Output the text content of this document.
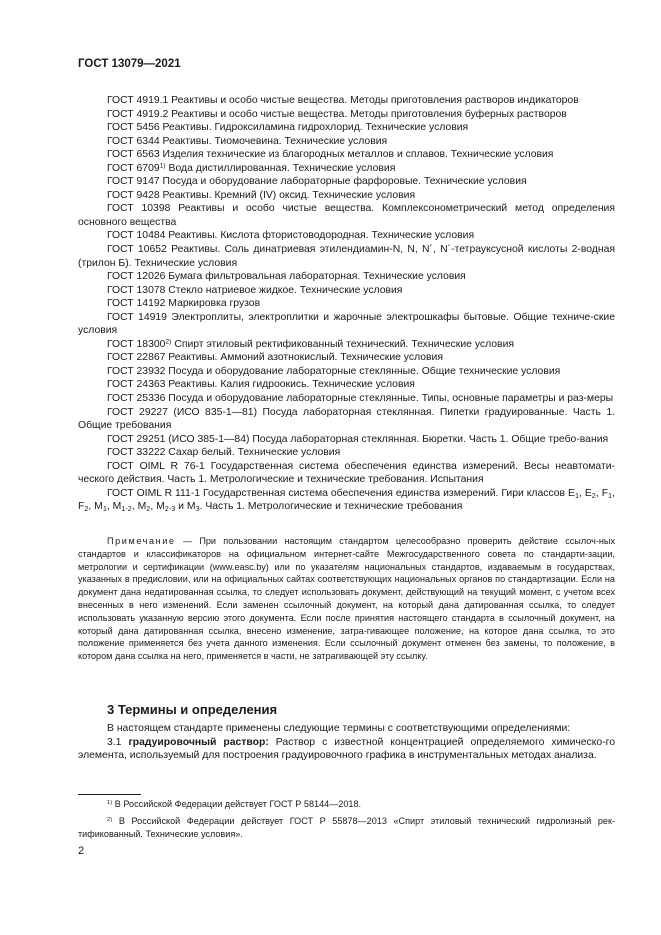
ГОСТ 13079—2021

ГОСТ 4919.1 Реактивы и особо чистые вещества. Методы приготовления растворов индикаторов

ГОСТ 4919.2 Реактивы и особо чистые вещества. Методы приготовления буферных растворов

ГОСТ 5456 Реактивы. Гидроксиламина гидрохлорид. Технические условия

ГОСТ 6344 Реактивы. Тиомочевина. Технические условия

ГОСТ 6563 Изделия технические из благородных металлов и сплавов. Технические условия

ГОСТ 6709$^{1)}$ Вода дистиллированная. Технические условия

ГОСТ 9147 Посуда и оборудование лабораторные фарфоровые. Технические условия

ГОСТ 9428 Реактивы. Кремний (IV) оксид. Технические условия

ГОСТ 10398 Реактивы и особо чистые вещества. Комплексонометрический метод определения основного вещества

ГОСТ 10484 Реактивы. Кислота фтористоводородная. Технические условия

ГОСТ 10652 Реактивы. Соль динатриевая этилендиамин-N, N, N´, N´-тетрауксусной кислоты 2-водная (трилон Б). Технические условия

ГОСТ 12026 Бумага фильтровальная лабораторная. Технические условия

ГОСТ 13078 Стекло натриевое жидкое. Технические условия

ГОСТ 14192 Маркировка грузов

ГОСТ 14919 Электроплиты, электроплитки и жарочные электрошкафы бытовые. Общие техниче-ские условия

ГОСТ 18300$^{2)}$ Спирт этиловый ректификованный технический. Технические условия

ГОСТ 22867 Реактивы. Аммоний азотнокислый. Технические условия

ГОСТ 23932 Посуда и оборудование лабораторные стеклянные. Общие технические условия

ГОСТ 24363 Реактивы. Калия гидроокись. Технические условия

ГОСТ 25336 Посуда и оборудование лабораторные стеклянные. Типы, основные параметры и раз-меры

ГОСТ 29227 (ИСО 835-1—81) Посуда лабораторная стеклянная. Пипетки градуированные. Часть 1. Общие требования

ГОСТ 29251 (ИСО 385-1—84) Посуда лабораторная стеклянная. Бюретки. Часть 1. Общие требо-вания

ГОСТ 33222 Сахар белый. Технические условия

ГОСТ OIML R 76-1 Государственная система обеспечения единства измерений. Весы неавтомати-ческого действия. Часть 1. Метрологические и технические требования. Испытания

ГОСТ OIML R 111-1 Государственная система обеспечения единства измерений. Гири классов $E_1$, $E_2$, $F_1$, $F_2$, $M_1$, $M_{1-2}$, $M_2$, $M_{2-3}$ и $M_3$. Часть 1. Метрологические и технические требования

Примечание — При пользовании настоящим стандартом целесообразно проверить действие ссылоч-ных стандартов и классификаторов на официальном интернет-сайте Межгосударственного совета по стандарти-зации, метрологии и сертификации (www.easc.by) или по указателям национальных стандартов, издаваемым в государствах, указанных в предисловии, или на официальных сайтах соответствующих национальных органов по стандартизации. Если на документ дана недатированная ссылка, то следует использовать документ, действующий на текущий момент, с учетом всех внесенных в него изменений. Если заменен ссылочный документ, на который дана датированная ссылка, то следует использовать указанную версию этого документа. Если после принятия настоящего стандарта в ссылочный документ, на который дана датированная ссылка, внесено изменение, затра-гивающее положение, на которое дана ссылка, то это положение применяется без учета данного изменения. Если ссылочный документ отменен без замены, то положение, в котором дана ссылка на него, применяется в части, не затрагивающей эту ссылку.

3 Термины и определения

В настоящем стандарте применены следующие термины с соответствующими определениями:

3.1 градуировочный раствор: Раствор с известной концентрацией определяемого химическо-го элемента, используемый для построения градуировочного графика в инструментальных методах анализа.

$^{1)}$ В Российской Федерации действует ГОСТ Р 58144—2018.

$^{2)}$ В Российской Федерации действует ГОСТ Р 55878—2013 «Спирт этиловый технический гидролизный рек-тификованный. Технические условия».

2
